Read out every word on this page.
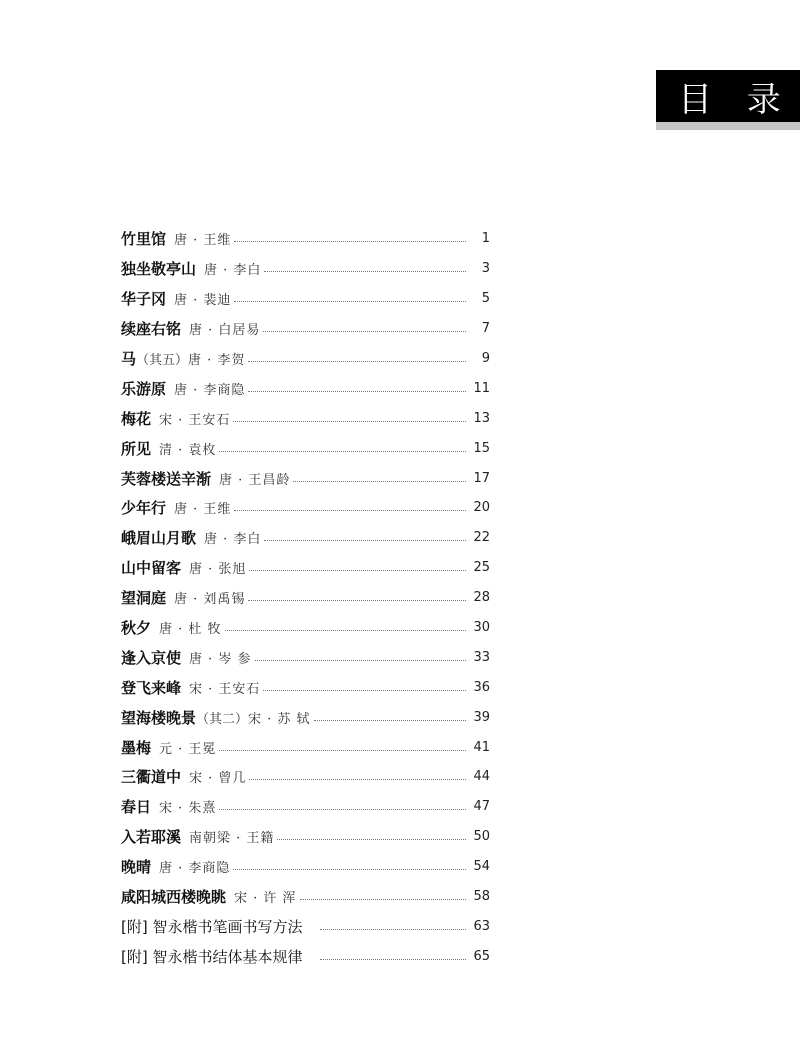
目 录
竹里馆 唐 · 王维	1
独坐敬亭山 唐 · 李白	3
华子冈 唐 · 裴迪	5
续座右铭 唐 · 白居易	7
马 （其五） 唐 · 李贺	9
乐游原 唐 · 李商隐	11
梅花 宋 · 王安石	13
所见 清 · 袁枚	15
芙蓉楼送辛渐 唐 · 王昌龄	17
少年行 唐 · 王维	20
峨眉山月歌 唐 · 李白	22
山中留客 唐 · 张旭	25
望洞庭 唐 · 刘禹锡	28
秋夕 唐 · 杜 牧	30
逢入京使 唐 · 岑 参	33
登飞来峰 宋 · 王安石	36
望海楼晚景 （其二） 宋 · 苏 轼	39
墨梅 元 · 王冕	41
三衢道中 宋 · 曾几	44
春日 宋 · 朱熹	47
入若耶溪 南朝梁 · 王籍	50
晚晴 唐 · 李商隐	54
咸阳城西楼晚眺 宋 · 许 浑	58
[附] 智永楷书笔画书写方法	63
[附] 智永楷书结体基本规律	65
